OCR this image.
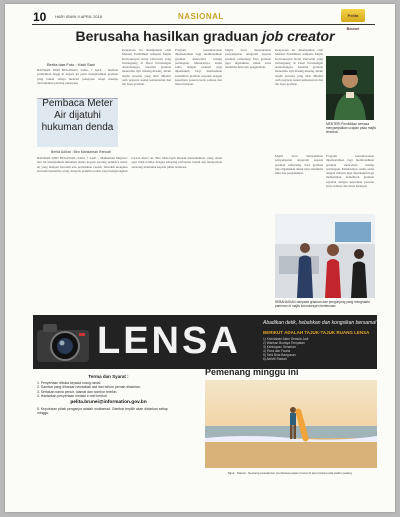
10 HARI ISNIN 9 APRIL 2018	NASIONAL	Pelita Brunei
Berusaha hasilkan graduan job creator
Berita dan Foto : Hairi Sani

BANDAR SERI BEGAWAN, Sabtu, 7 April. - Institusi pendidikan tinggi di negara ini perlu menghasilkan graduan yang bukan sahaja mencari pekerjaan tetapi mampu mewujudkan peluang pekerjaan.

Pembaca Meter Air dijatuhi hukuman denda
Berita Adikat : Biro Mahkamah Rencah

BANDAR SERI BEGAWAN, Sabtu, 7 April. - Mahkamah Majistret hari ini menjatuhkan hukuman denda kepada seorang pembaca meter air yang didapati bersalah atas pertuduhan rasuah. Tertuduh mengaku bersalah menerima wang daripada pemilik premis bagi mengurangkan bacaan meter air. Biro Mencegah Rasuah menasihatkan orang ramai agar tidak terlibat dengan sebarang perbuatan rasuah dan melaporkan sebarang maklumat kepada pihak berkuasa.

Kenyataan itu disampaikan oleh Menteri Pendidikan sempena Majlis Konvokesyen Kolej Universiti yang berlangsung di Pusat Persidangan Antarabangsa. Seramai graduan menerima sijil masing-masing dalam majlis tersebut yang turut dihadiri oleh pegawai kanan kementerian dan ibu bapa graduan.

Program keusahawanan diperkenalkan bagi membolehkan graduan menceburi bidang perniagaan. Menurutnya, usaha sama dengan industri juga diperkukuh bagi memastikan kemahiran graduan sepadan dengan keperluan pasaran kerja semasa dan masa hadapan.

Majlis turut menyaksikan penyampaian anugerah kepada graduan cemerlang. Para graduan juga digalakkan untuk terus menimba ilmu dan pengalaman.

Kenyataan itu disampaikan oleh Menteri Pendidikan sempena Majlis Konvokesyen Kolej Universiti yang berlangsung di Pusat Persidangan Antarabangsa. Seramai graduan menerima sijil masing-masing dalam majlis tersebut yang turut dihadiri oleh pegawai kanan kementerian dan ibu bapa graduan.

MENTERI Pendidikan semasa menyampaikan ucapan pada majlis tersebut.

Program keusahawanan diperkenalkan bagi membolehkan graduan menceburi bidang perniagaan. Menurutnya, usaha sama dengan industri juga diperkukuh bagi memastikan kemahiran graduan sepadan dengan keperluan pasaran kerja semasa dan masa hadapan.

Majlis turut menyaksikan penyampaian anugerah kepada graduan cemerlang. Para graduan juga digalakkan untuk terus menimba ilmu dan pengalaman.

SEBAHAGIAN daripada graduan dan pengunjung yang menghadiri pameran di majlis konvokesyen berkenaan.
LENSA	Abadikan detik, hebahkan dan kongsikan bersama!
BERIKUT ADALAH TAJUK-TAJUK RUANG LENSA
1) Keindahan Alam Semula Jadi
2) Warisan Budaya Tempatan
3) Kehidupan Seharian
4) Flora dan Fauna
5) Seni Bina Bangunan
6) Aktiviti Riadah
Terma dan Syarat :
1. Penyertaan dibuka kepada orang ramai.
2. Gambar yang dihantar hendaklah asli dan belum pernah disiarkan.
3. Sertakan nama penuh, alamat dan nombor telefon.
4. Hantarkan penyertaan melalui e-mel berikut:
pelita.brunei@information.gov.bn
5. Keputusan pihak penganjur adalah muktamad. Gambar terpilih akan disiarkan setiap minggu.
Pemenang minggu ini
Tajuk : Pantai - Seorang peselancar membawa papan luncur di tepi pantai pada waktu petang.
